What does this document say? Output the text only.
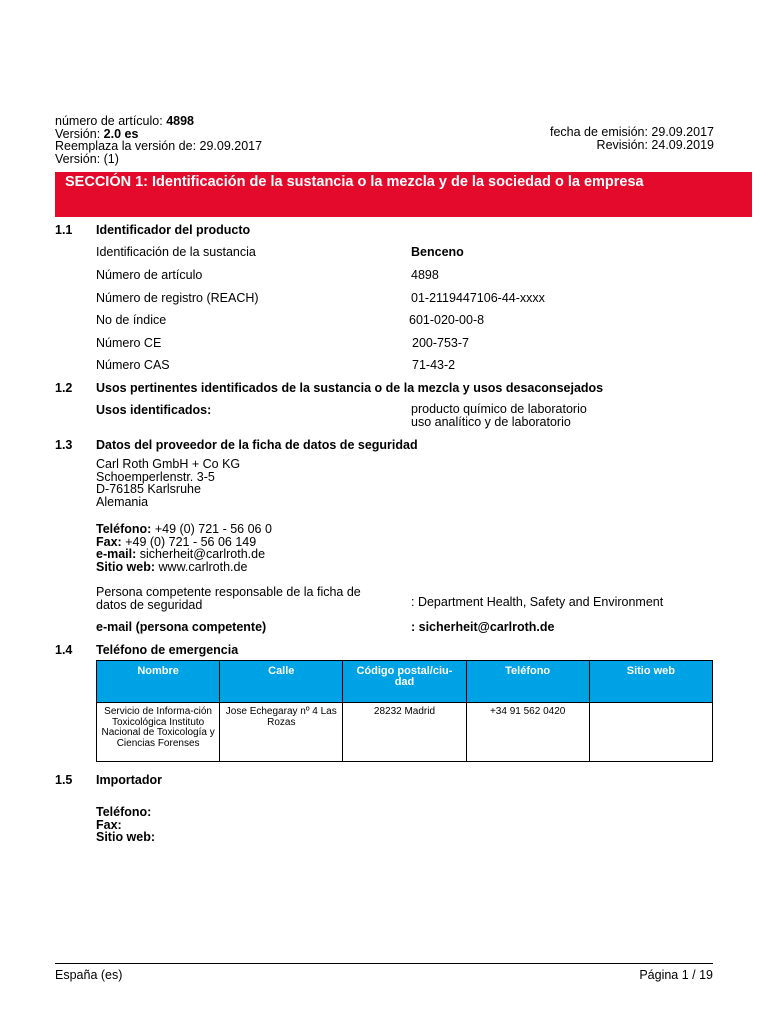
número de artículo: 4898
Versión: 2.0 es
Reemplaza la versión de: 29.09.2017
Versión: (1)
fecha de emisión: 29.09.2017
Revisión: 24.09.2019
SECCIÓN 1: Identificación de la sustancia o la mezcla y de la sociedad o la empresa
1.1 Identificador del producto
Identificación de la sustancia	Benceno
Número de artículo	4898
Número de registro (REACH)	01-2119447106-44-xxxx
No de índice	601-020-00-8
Número CE	200-753-7
Número CAS	71-43-2
1.2 Usos pertinentes identificados de la sustancia o de la mezcla y usos desaconsejados
Usos identificados:	producto químico de laboratorio
uso analítico y de laboratorio
1.3 Datos del proveedor de la ficha de datos de seguridad
Carl Roth GmbH + Co KG
Schoemperlenstr. 3-5
D-76185 Karlsruhe
Alemania
Teléfono: +49 (0) 721 - 56 06 0
Fax: +49 (0) 721 - 56 06 149
e-mail: sicherheit@carlroth.de
Sitio web: www.carlroth.de
Persona competente responsable de la ficha de
datos de seguridad	: Department Health, Safety and Environment
e-mail (persona competente)	: sicherheit@carlroth.de
1.4 Teléfono de emergencia
Nombre	Calle	Código postal/ciu-dad	Teléfono	Sitio web
Servicio de Informa-ción Toxicológica Instituto Nacional de Toxicología y Ciencias Forenses	Jose Echegaray nº 4 Las Rozas	28232 Madrid	+34 91 562 0420	
1.5 Importador
Teléfono:
Fax:
Sitio web:
España (es)	Página 1 / 19
